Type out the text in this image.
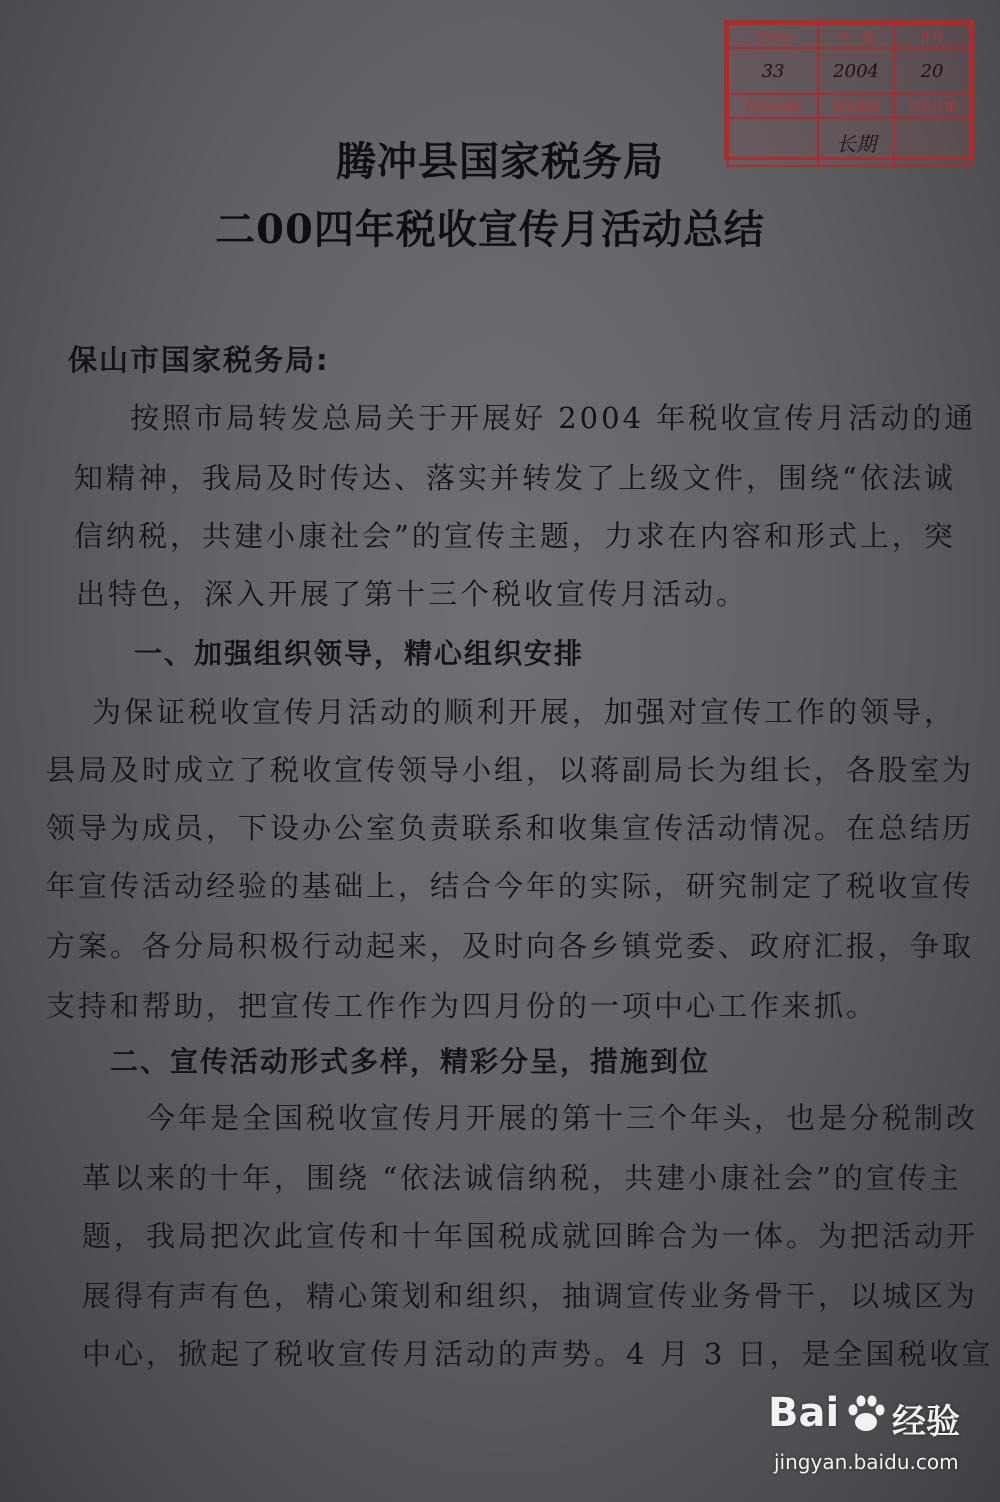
全宗号	年　度	件号
33	2004	20
机构(问题)	保管期限	归档日期
	长期	
腾冲县国家税务局
二00四年税收宣传月活动总结
保山市国家税务局:
按照市局转发总局关于开展好 2004 年税收宣传月活动的通
知精神，我局及时传达、落实并转发了上级文件，围绕“依法诚
信纳税，共建小康社会”的宣传主题，力求在内容和形式上，突
出特色，深入开展了第十三个税收宣传月活动。
一、加强组织领导，精心组织安排
为保证税收宣传月活动的顺利开展，加强对宣传工作的领导，
县局及时成立了税收宣传领导小组，以蒋副局长为组长，各股室为
领导为成员，下设办公室负责联系和收集宣传活动情况。在总结历
年宣传活动经验的基础上，结合今年的实际，研究制定了税收宣传
方案。各分局积极行动起来，及时向各乡镇党委、政府汇报，争取
支持和帮助，把宣传工作作为四月份的一项中心工作来抓。
二、宣传活动形式多样，精彩分呈，措施到位
今年是全国税收宣传月开展的第十三个年头，也是分税制改
革以来的十年，围绕 “依法诚信纳税，共建小康社会”的宣传主
题，我局把次此宣传和十年国税成就回眸合为一体。为把活动开
展得有声有色，精心策划和组织，抽调宣传业务骨干，以城区为
中心，掀起了税收宣传月活动的声势。4 月 3 日，是全国税收宣
Bai 经验
jingyan.baidu.com
